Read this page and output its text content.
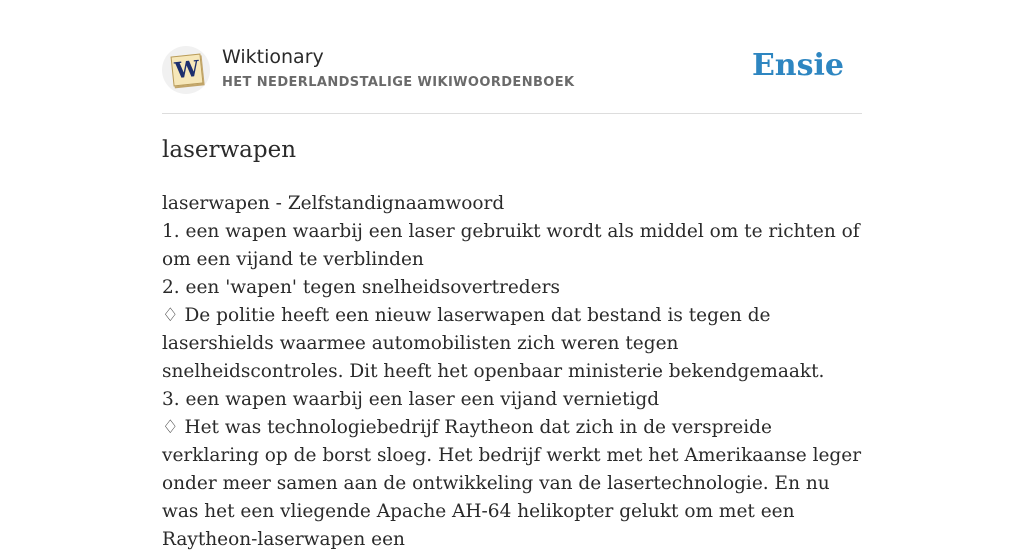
W Wiktionary
HET NEDERLANDSTALIGE WIKIWOORDENBOEK	Ensie
laserwapen
laserwapen - Zelfstandignaamwoord
1. een wapen waarbij een laser gebruikt wordt als middel om te richten of om een vijand te verblinden
2. een 'wapen' tegen snelheidsovertreders
♢ De politie heeft een nieuw laserwapen dat bestand is tegen de lasershields waarmee automobilisten zich weren tegen snelheidscontroles. Dit heeft het openbaar ministerie bekendgemaakt.
3. een wapen waarbij een laser een vijand vernietigd
♢ Het was technologiebedrijf Raytheon dat zich in de verspreide verklaring op de borst sloeg. Het bedrijf werkt met het Amerikaanse leger onder meer samen aan de ontwikkeling van de lasertechnologie. En nu was het een vliegende Apache AH-64 helikopter gelukt om met een Raytheon-laserwapen een
